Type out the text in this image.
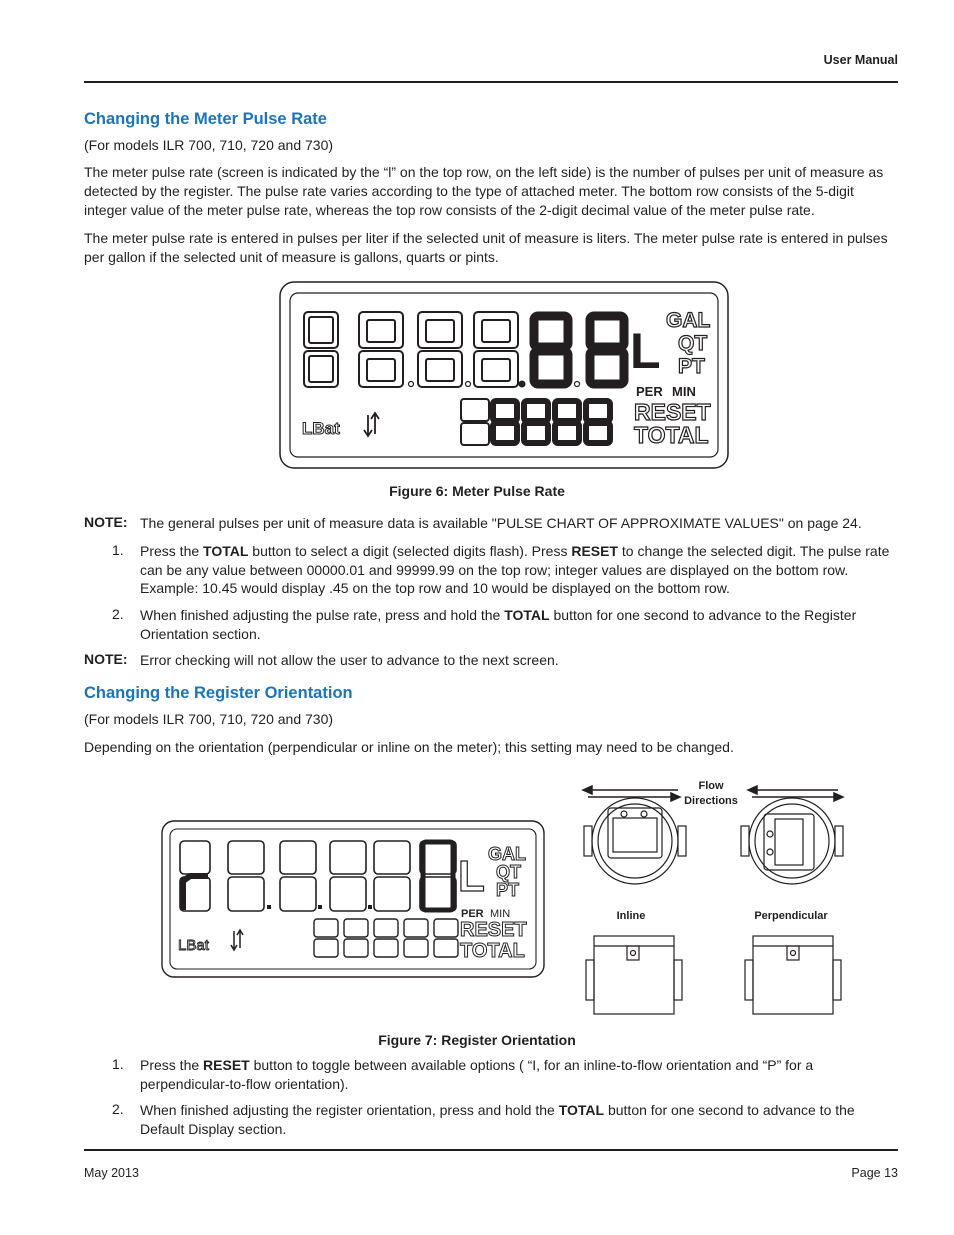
User Manual
Changing the Meter Pulse Rate
(For models ILR 700, 710, 720 and 730)
The meter pulse rate (screen is indicated by the “l” on the top row, on the left side) is the number of pulses per unit of measure as detected by the register. The pulse rate varies according to the type of attached meter. The bottom row consists of the 5-digit integer value of the meter pulse rate, whereas the top row consists of the 2-digit decimal value of the meter pulse rate.
The meter pulse rate is entered in pulses per liter if the selected unit of measure is liters. The meter pulse rate is entered in pulses per gallon if the selected unit of measure is gallons, quarts or pints.
L
GAL
QT
PT
PER MIN
RESET
TOTAL
LBat
Figure 6: Meter Pulse Rate
NOTE: The general pulses per unit of measure data is available "PULSE CHART OF APPROXIMATE VALUES" on page 24.
1. Press the TOTAL button to select a digit (selected digits flash). Press RESET to change the selected digit. The pulse rate can be any value between 00000.01 and 99999.99 on the top row; integer values are displayed on the bottom row. Example: 10.45 would display .45 on the top row and 10 would be displayed on the bottom row.
2. When finished adjusting the pulse rate, press and hold the TOTAL button for one second to advance to the Register Orientation section.
NOTE: Error checking will not allow the user to advance to the next screen.
Changing the Register Orientation
(For models ILR 700, 710, 720 and 730)
Depending on the orientation (perpendicular or inline on the meter); this setting may need to be changed.
L GAL
QT
PT
PER MIN
RESET
TOTAL
LBat
Flow
Directions
Inline	Perpendicular
Figure 7: Register Orientation
1. Press the RESET button to toggle between available options ( “I, for an inline-to-flow orientation and “P” for a perpendicular-to-flow orientation).
2. When finished adjusting the register orientation, press and hold the TOTAL button for one second to advance to the Default Display section.
May 2013	Page 13
